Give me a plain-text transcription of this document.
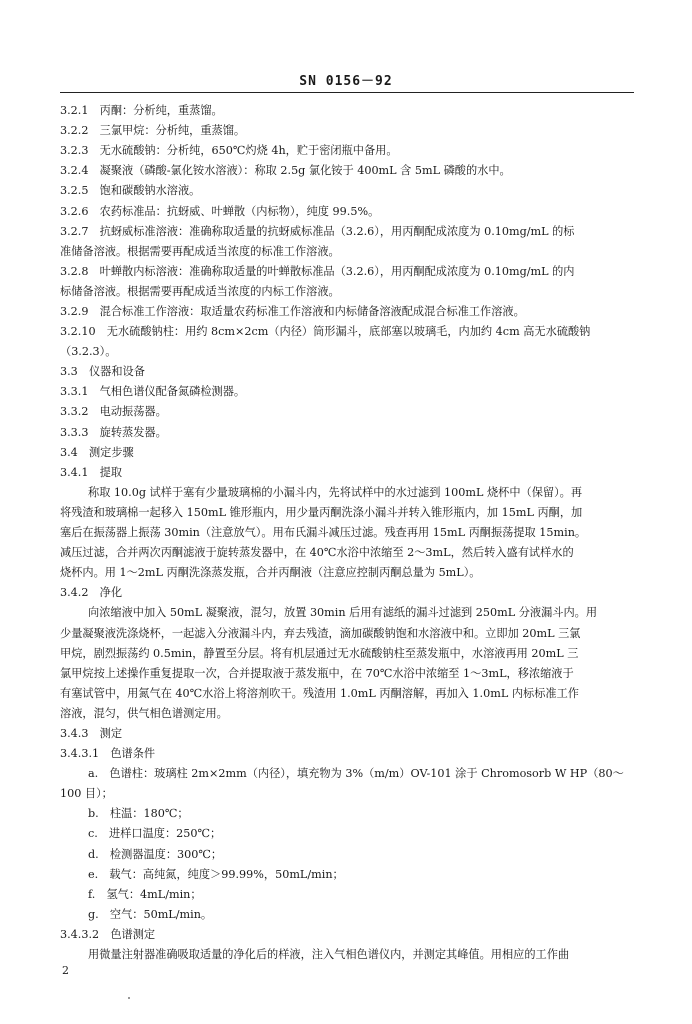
SN 0156－92
3.2.1　丙酮：分析纯，重蒸馏。
3.2.2　三氯甲烷：分析纯，重蒸馏。
3.2.3　无水硫酸钠：分析纯，650℃灼烧 4h，贮于密闭瓶中备用。
3.2.4　凝聚液（磷酸-氯化铵水溶液）：称取 2.5g 氯化铵于 400mL 含 5mL 磷酸的水中。
3.2.5　饱和碳酸钠水溶液。
3.2.6　农药标准品：抗蚜威、叶蝉散（内标物），纯度 99.5%。
3.2.7　抗蚜威标准溶液：准确称取适量的抗蚜威标准品（3.2.6），用丙酮配成浓度为 0.10mg/mL 的标
准储备溶液。根据需要再配成适当浓度的标准工作溶液。
3.2.8　叶蝉散内标溶液：准确称取适量的叶蝉散标准品（3.2.6），用丙酮配成浓度为 0.10mg/mL 的内
标储备溶液。根据需要再配成适当浓度的内标工作溶液。
3.2.9　混合标准工作溶液：取适量农药标准工作溶液和内标储备溶液配成混合标准工作溶液。
3.2.10　无水硫酸钠柱：用约 8cm×2cm（内径）筒形漏斗，底部塞以玻璃毛，内加约 4cm 高无水硫酸钠
（3.2.3）。
3.3　仪器和设备
3.3.1　气相色谱仪配备氮磷检测器。
3.3.2　电动振荡器。
3.3.3　旋转蒸发器。
3.4　测定步骤
3.4.1　提取
称取 10.0g 试样于塞有少量玻璃棉的小漏斗内，先将试样中的水过滤到 100mL 烧杯中（保留）。再
将残渣和玻璃棉一起移入 150mL 锥形瓶内，用少量丙酮洗涤小漏斗并转入锥形瓶内，加 15mL 丙酮，加
塞后在振荡器上振荡 30min（注意放气）。用布氏漏斗减压过滤。残查再用 15mL 丙酮振荡提取 15min。
减压过滤，合并两次丙酮滤液于旋转蒸发器中，在 40℃水浴中浓缩至 2～3mL，然后转入盛有试样水的
烧杯内。用 1～2mL 丙酮洗涤蒸发瓶，合并丙酮液（注意应控制丙酮总量为 5mL）。
3.4.2　净化
向浓缩液中加入 50mL 凝聚液，混匀，放置 30min 后用有滤纸的漏斗过滤到 250mL 分液漏斗内。用
少量凝聚液洗涤烧杯，一起滤入分液漏斗内，弃去残渣，滴加碳酸钠饱和水溶液中和。立即加 20mL 三氯
甲烷，剧烈振荡约 0.5min，静置至分层。将有机层通过无水硫酸钠柱至蒸发瓶中，水溶液再用 20mL 三
氯甲烷按上述操作重复提取一次，合并提取液于蒸发瓶中，在 70℃水浴中浓缩至 1～3mL，移浓缩液于
有塞试管中，用氮气在 40℃水浴上将溶剂吹干。残渣用 1.0mL 丙酮溶解，再加入 1.0mL 内标标准工作
溶液，混匀，供气相色谱测定用。
3.4.3　测定
3.4.3.1　色谱条件
a.　色谱柱：玻璃柱 2m×2mm（内径），填充物为 3%（m/m）OV-101 涂于 Chromosorb W HP（80～
100 目）；
b.　柱温：180℃；
c.　进样口温度：250℃；
d.　检测器温度：300℃；
e.　载气：高纯氮，纯度＞99.99%，50mL/min；
f.　氢气：4mL/min；
g.　空气：50mL/min。
3.4.3.2　色谱测定
用微量注射器准确吸取适量的净化后的样液，注入气相色谱仪内，并测定其峰值。用相应的工作曲
2
